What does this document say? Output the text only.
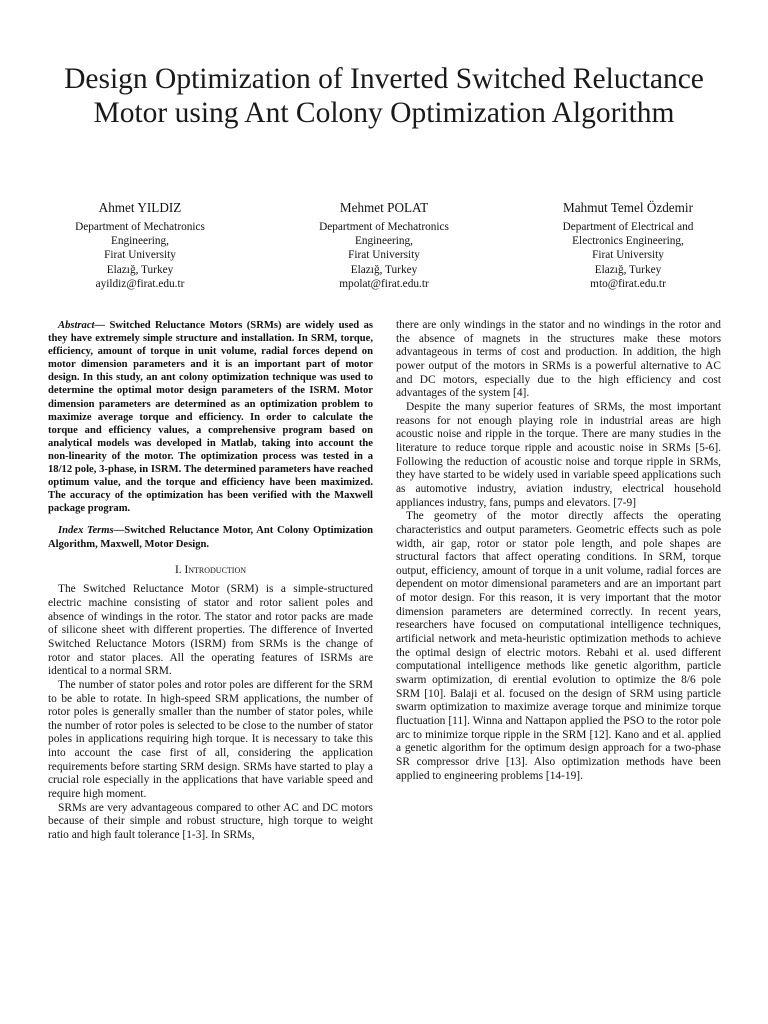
Design Optimization of Inverted Switched Reluctance Motor using Ant Colony Optimization Algorithm
Ahmet YILDIZ
Department of Mechatronics
Engineering,
Firat University
Elazığ, Turkey
ayildiz@firat.edu.tr
Mehmet POLAT
Department of Mechatronics
Engineering,
Firat University
Elazığ, Turkey
mpolat@firat.edu.tr
Mahmut Temel Özdemir
Department of Electrical and
Electronics Engineering,
Firat University
Elazığ, Turkey
mto@firat.edu.tr

Abstract— Switched Reluctance Motors (SRMs) are widely used as they have extremely simple structure and installation. In SRM, torque, efficiency, amount of torque in unit volume, radial forces depend on motor dimension parameters and it is an important part of motor design. In this study, an ant colony optimization technique was used to determine the optimal motor design parameters of the ISRM. Motor dimension parameters are determined as an optimization problem to maximize average torque and efficiency. In order to calculate the torque and efficiency values, a comprehensive program based on analytical models was developed in Matlab, taking into account the non-linearity of the motor. The optimization process was tested in a 18/12 pole, 3-phase, in ISRM. The determined parameters have reached optimum value, and the torque and efficiency have been maximized. The accuracy of the optimization has been verified with the Maxwell package program.

Index Terms—Switched Reluctance Motor, Ant Colony Optimization Algorithm, Maxwell, Motor Design.

I. Introduction

The Switched Reluctance Motor (SRM) is a simple-structured electric machine consisting of stator and rotor salient poles and absence of windings in the rotor. The stator and rotor packs are made of silicone sheet with different properties. The difference of Inverted Switched Reluctance Motors (ISRM) from SRMs is the change of rotor and stator places. All the operating features of ISRMs are identical to a normal SRM.

The number of stator poles and rotor poles are different for the SRM to be able to rotate. In high-speed SRM applications, the number of rotor poles is generally smaller than the number of stator poles, while the number of rotor poles is selected to be close to the number of stator poles in applications requiring high torque. It is necessary to take this into account the case first of all, considering the application requirements before starting SRM design. SRMs have started to play a crucial role especially in the applications that have variable speed and require high moment.

SRMs are very advantageous compared to other AC and DC motors because of their simple and robust structure, high torque to weight ratio and high fault tolerance [1-3]. In SRMs,

there are only windings in the stator and no windings in the rotor and the absence of magnets in the structures make these motors advantageous in terms of cost and production. In addition, the high power output of the motors in SRMs is a powerful alternative to AC and DC motors, especially due to the high efficiency and cost advantages of the system [4].

Despite the many superior features of SRMs, the most important reasons for not enough playing role in industrial areas are high acoustic noise and ripple in the torque. There are many studies in the literature to reduce torque ripple and acoustic noise in SRMs [5-6]. Following the reduction of acoustic noise and torque ripple in SRMs, they have started to be widely used in variable speed applications such as automotive industry, aviation industry, electrical household appliances industry, fans, pumps and elevators. [7-9]

The geometry of the motor directly affects the operating characteristics and output parameters. Geometric effects such as pole width, air gap, rotor or stator pole length, and pole shapes are structural factors that affect operating conditions. In SRM, torque output, efficiency, amount of torque in a unit volume, radial forces are dependent on motor dimensional parameters and are an important part of motor design. For this reason, it is very important that the motor dimension parameters are determined correctly. In recent years, researchers have focused on computational intelligence techniques, artificial network and meta-heuristic optimization methods to achieve the optimal design of electric motors. Rebahi et al. used different computational intelligence methods like genetic algorithm, particle swarm optimization, di erential evolution to optimize the 8/6 pole SRM [10]. Balaji et al. focused on the design of SRM using particle swarm optimization to maximize average torque and minimize torque fluctuation [11]. Winna and Nattapon applied the PSO to the rotor pole arc to minimize torque ripple in the SRM [12]. Kano and et al. applied a genetic algorithm for the optimum design approach for a two-phase SR compressor drive [13]. Also optimization methods have been applied to engineering problems [14-19].
